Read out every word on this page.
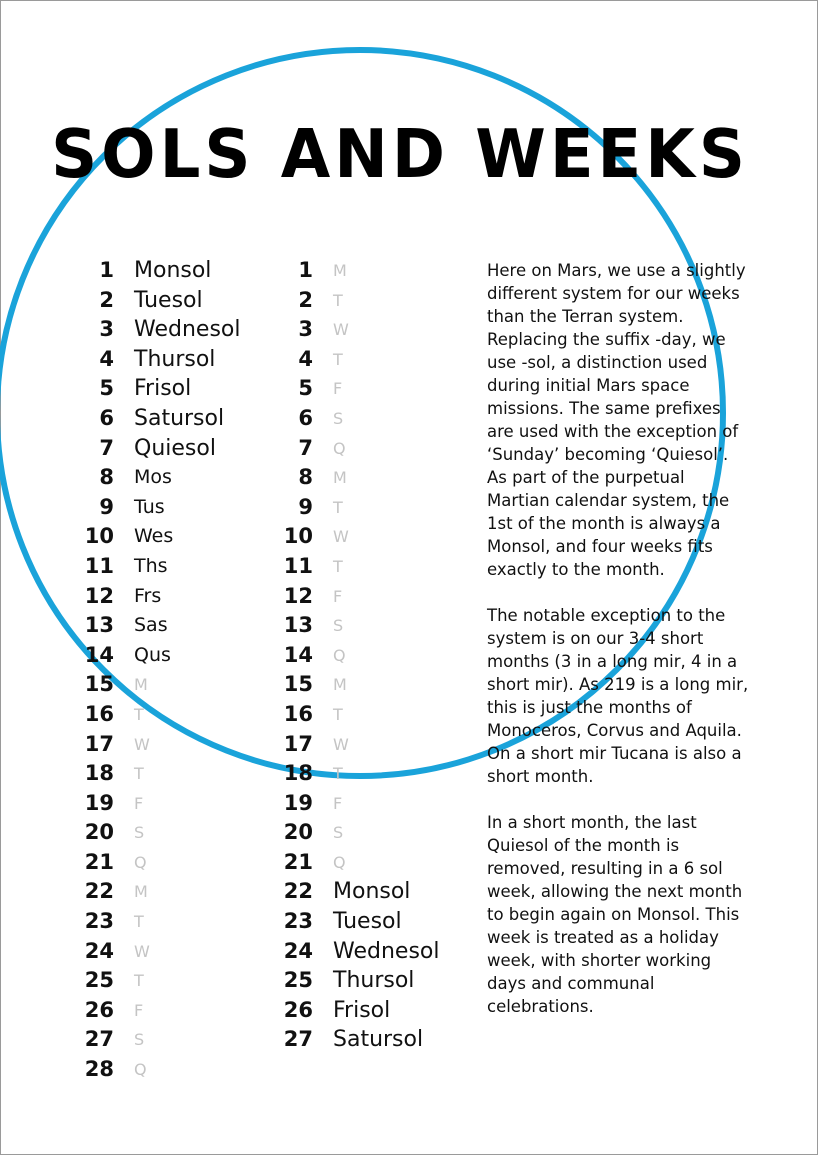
SOLS AND WEEKS
1 Monsol
2 Tuesol
3 Wednesol
4 Thursol
5 Frisol
6 Satursol
7 Quiesol
8 Mos
9 Tus
10 Wes
11 Ths
12 Frs
13 Sas
14 Qus
15 M
16 T
17 W
18 T
19 F
20 S
21 Q
22 M
23 T
24 W
25 T
26 F
27 S
28 Q
1 M
2 T
3 W
4 T
5 F
6 S
7 Q
8 M
9 T
10 W
11 T
12 F
13 S
14 Q
15 M
16 T
17 W
18 T
19 F
20 S
21 Q
22 Monsol
23 Tuesol
24 Wednesol
25 Thursol
26 Frisol
27 Satursol

Here on Mars, we use a slightly different system for our weeks than the Terran system. Replacing the suffix -day, we use -sol, a distinction used during initial Mars space missions. The same prefixes are used with the exception of ‘Sunday’ becoming ‘Quiesol’. As part of the purpetual Martian calendar system, the 1st of the month is always a Monsol, and four weeks fits exactly to the month.

The notable exception to the system is on our 3-4 short months (3 in a long mir, 4 in a short mir). As 219 is a long mir, this is just the months of Monoceros, Corvus and Aquila. On a short mir Tucana is also a short month.

In a short month, the last Quiesol of the month is removed, resulting in a 6 sol week, allowing the next month to begin again on Monsol. This week is treated as a holiday week, with shorter working days and communal celebrations.
